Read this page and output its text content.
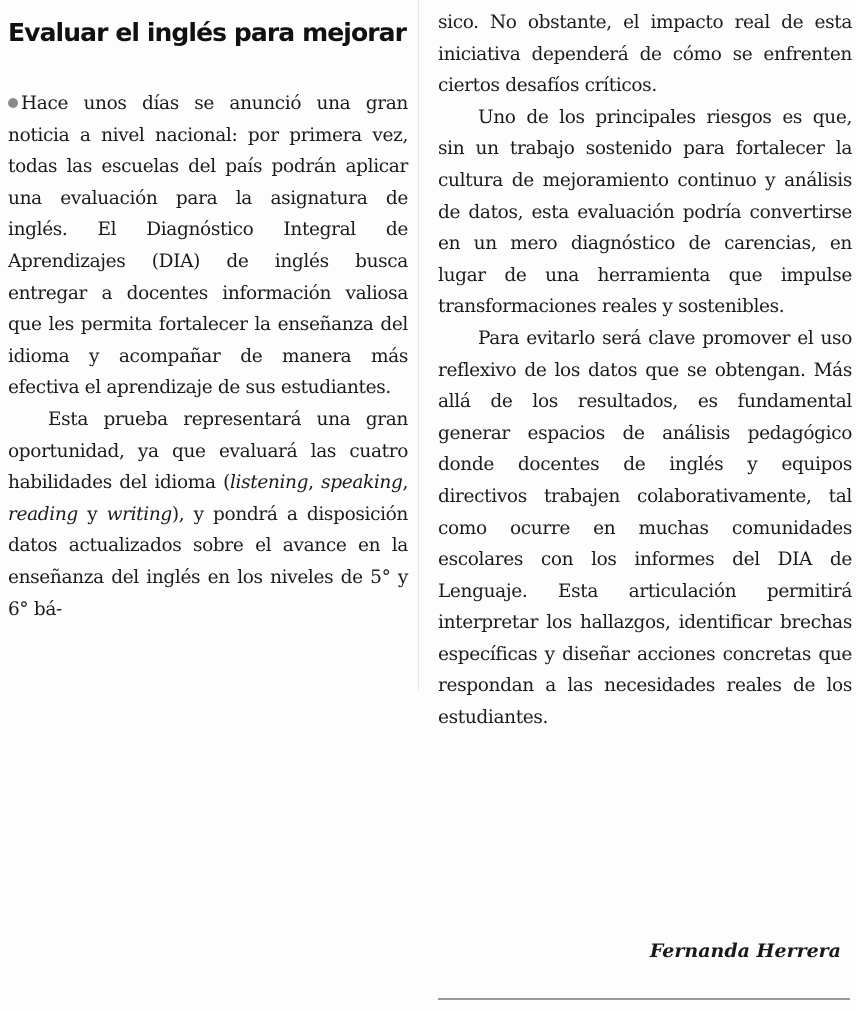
Evaluar el inglés para mejorar

Hace unos días se anunció una gran noticia a nivel nacional: por primera vez, todas las escuelas del país podrán aplicar una evaluación para la asignatura de inglés. El Diagnóstico Integral de Aprendizajes (DIA) de inglés busca entregar a docentes información valiosa que les permita fortalecer la enseñanza del idioma y acompañar de manera más efectiva el aprendizaje de sus estudiantes.

Esta prueba representará una gran oportunidad, ya que evaluará las cuatro habilidades del idioma (listening, speaking, reading y writing), y pondrá a disposición datos actualizados sobre el avance en la enseñanza del inglés en los niveles de 5° y 6° bá-

sico. No obstante, el impacto real de esta iniciativa dependerá de cómo se enfrenten ciertos desafíos críticos.

Uno de los principales riesgos es que, sin un trabajo sostenido para fortalecer la cultura de mejoramiento continuo y análisis de datos, esta evaluación podría convertirse en un mero diagnóstico de carencias, en lugar de una herramienta que impulse transformaciones reales y sostenibles.

Para evitarlo será clave promover el uso reflexivo de los datos que se obtengan. Más allá de los resultados, es fundamental generar espacios de análisis pedagógico donde docentes de inglés y equipos directivos trabajen colaborativamente, tal como ocurre en muchas comunidades escolares con los informes del DIA de Lenguaje. Esta articulación permitirá interpretar los hallazgos, identificar brechas específicas y diseñar acciones concretas que respondan a las necesidades reales de los estudiantes.

Fernanda Herrera
